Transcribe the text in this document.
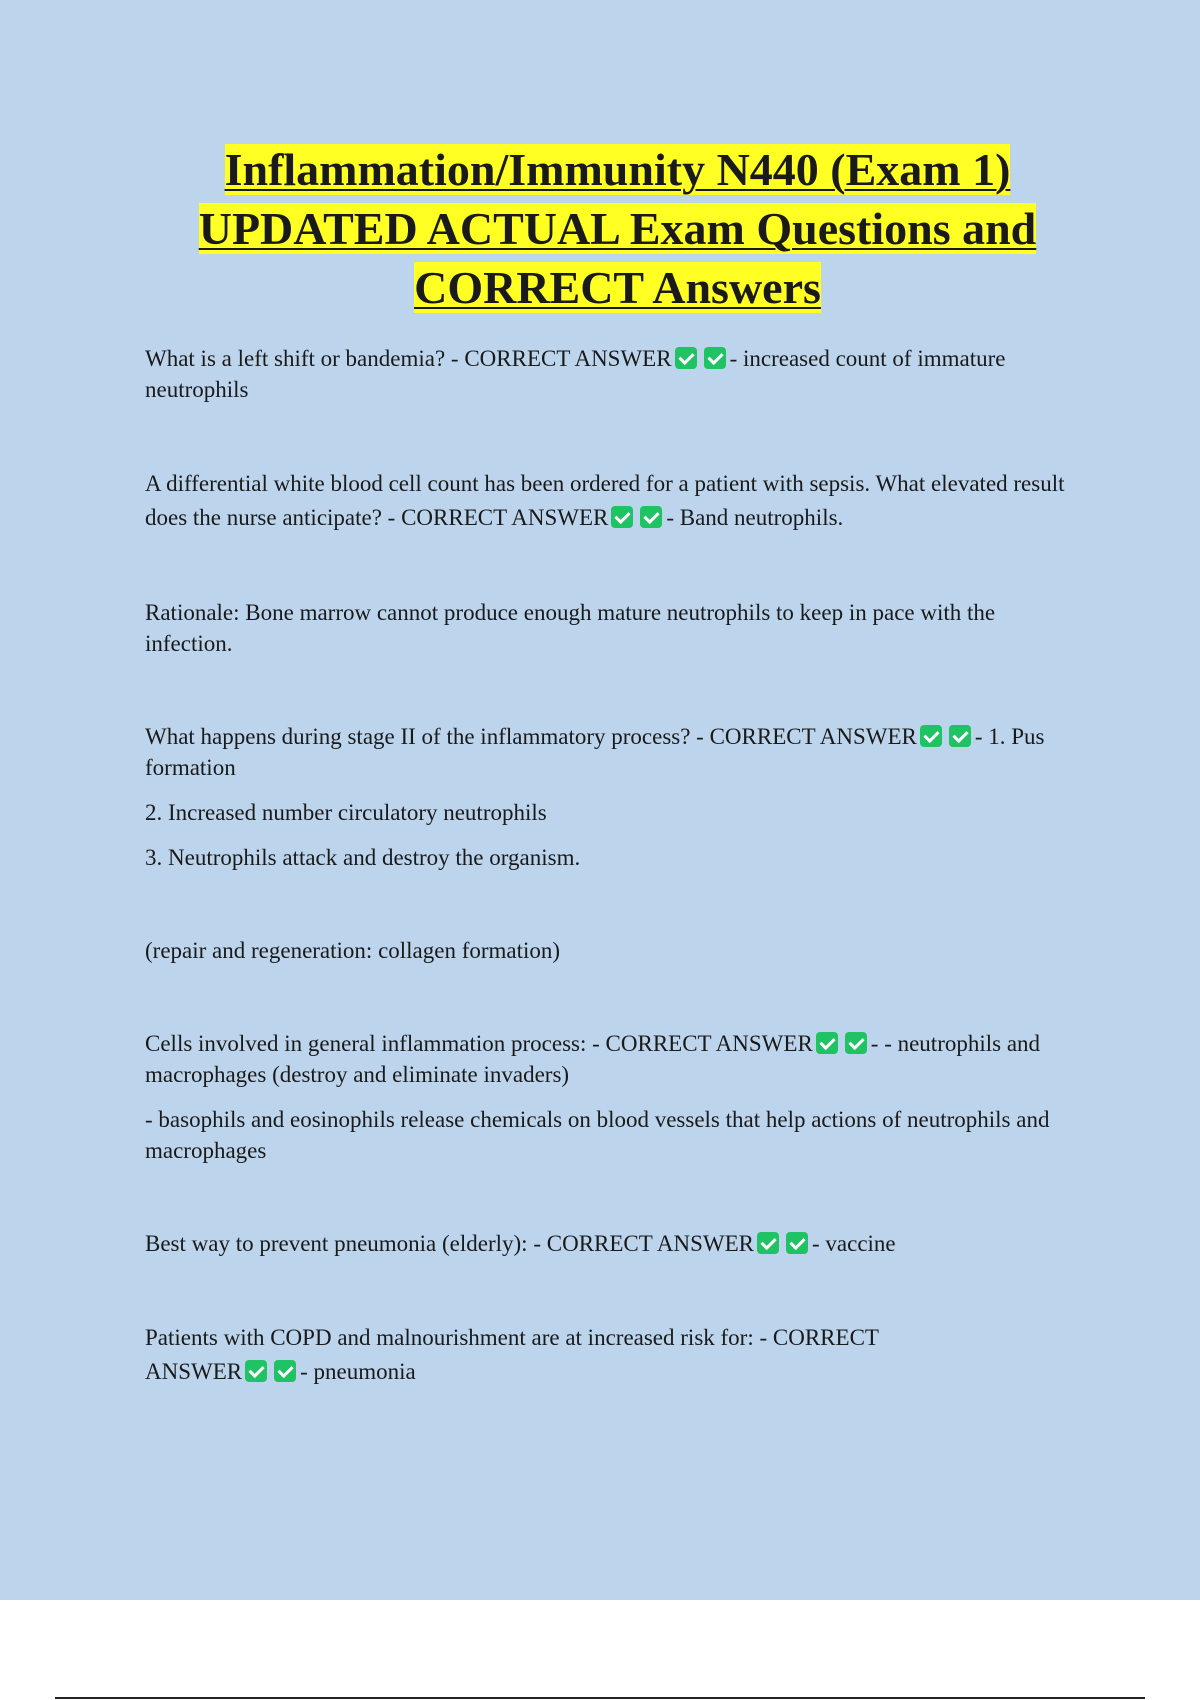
Inflammation/Immunity N440 (Exam 1)
UPDATED ACTUAL Exam Questions and
CORRECT Answers

What is a left shift or bandemia? - CORRECT ANSWER	- increased count of immature neutrophils

A differential white blood cell count has been ordered for a patient with sepsis. What elevated result does the nurse anticipate? - CORRECT ANSWER	- Band neutrophils.

Rationale: Bone marrow cannot produce enough mature neutrophils to keep in pace with the infection.

What happens during stage II of the inflammatory process? - CORRECT ANSWER	- 1. Pus formation

2. Increased number circulatory neutrophils

3. Neutrophils attack and destroy the organism.

(repair and regeneration: collagen formation)

Cells involved in general inflammation process: - CORRECT ANSWER	- - neutrophils and macrophages (destroy and eliminate invaders)

- basophils and eosinophils release chemicals on blood vessels that help actions of neutrophils and macrophages

Best way to prevent pneumonia (elderly): - CORRECT ANSWER	- vaccine

Patients with COPD and malnourishment are at increased risk for: - CORRECT ANSWER	- pneumonia
